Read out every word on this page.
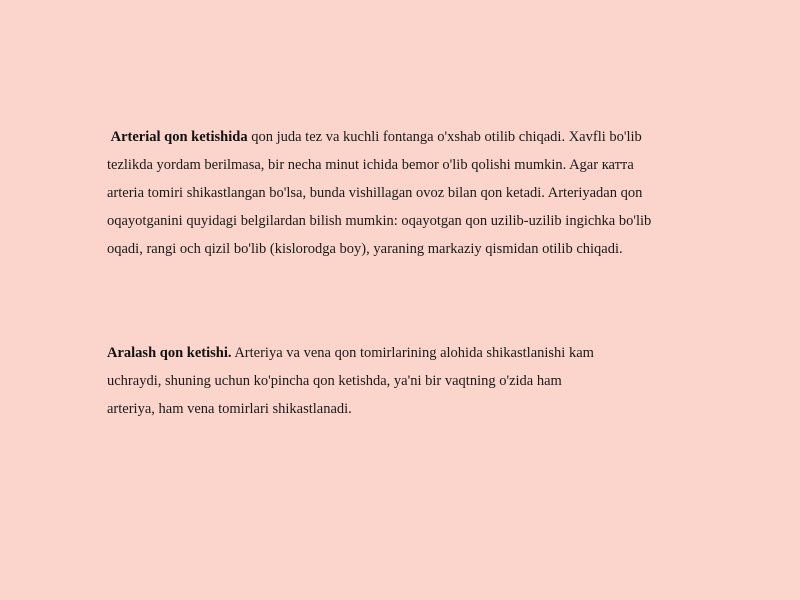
Arterial qon ketishida qon juda tez va kuchli fontanga o'xshab otilib chiqadi. Xavfli bo'lib
tezlikda yordam berilmasa, bir necha minut ichida bemor o'lib qolishi mumkin. Agar катта
arteria tomiri shikastlangan bo'lsa, bunda vishillagan ovoz bilan qon ketadi. Arteriyadan qon
oqayotganini quyidagi belgilardan bilish mumkin: oqayotgan qon uzilib-uzilib ingichka bo'lib
oqadi, rangi och qizil bo'lib (kislorodga boy), yaraning markaziy qismidan otilib chiqadi.

Aralash qon ketishi. Arteriya va vena qon tomirlarining alohida shikastlanishi kam
uchraydi, shuning uchun ko'pincha qon ketishda, ya'ni bir vaqtning o'zida ham
arteriya, ham vena tomirlari shikastlanadi.
